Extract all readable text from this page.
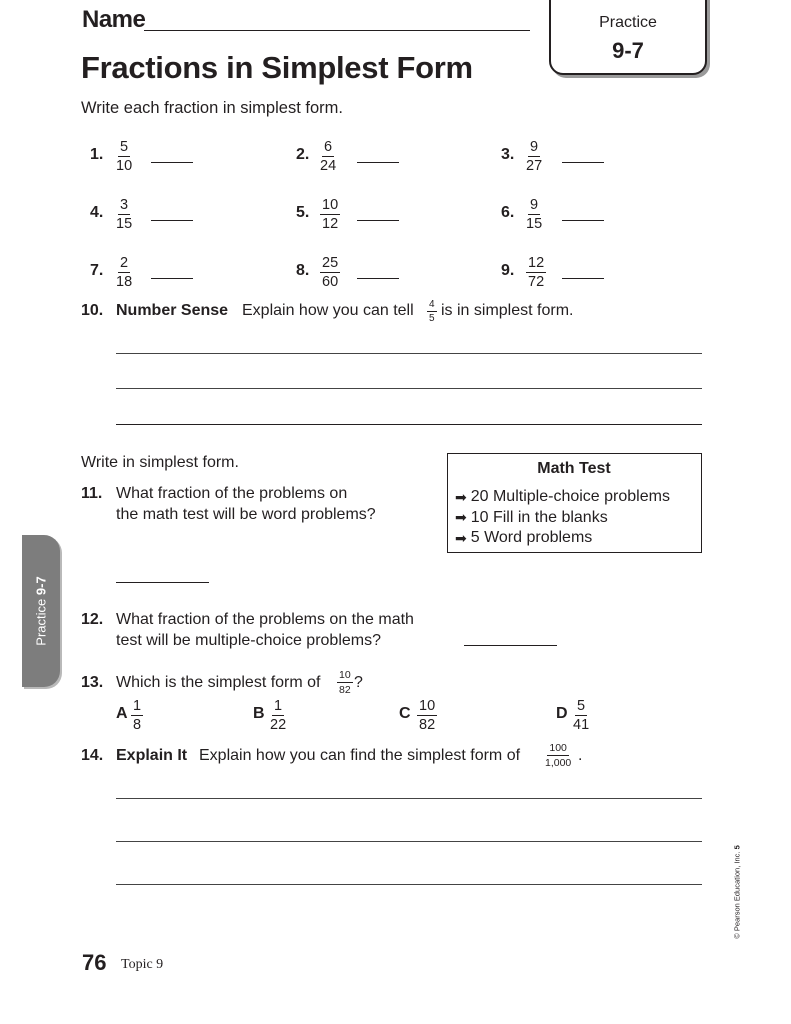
Name	Practice
9-7
Fractions in Simplest Form
Write each fraction in simplest form.
1. $\frac{5}{10}$	2. $\frac{6}{24}$	3. $\frac{9}{27}$
4. $\frac{3}{15}$	5. $\frac{10}{12}$	6. $\frac{9}{15}$
7. $\frac{2}{18}$	8. $\frac{25}{60}$	9. $\frac{12}{72}$
10. Number Sense Explain how you can tell $\frac{4}{5}$ is in simplest form.
Write in simplest form.	Math Test
➡ 20 Multiple-choice problems
➡ 10 Fill in the blanks
➡ 5 Word problems
11. What fraction of the problems on
the math test will be word problems?
12. What fraction of the problems on the math
test will be multiple-choice problems?
13. Which is the simplest form of $\frac{10}{82}$ ?
A $\frac{1}{8}$	B $\frac{1}{22}$	C $\frac{10}{82}$	D $\frac{5}{41}$
14. Explain It Explain how you can find the simplest form of $\frac{100}{1,000}$ .
Practice 9-7
76 Topic 9
© Pearson Education, Inc. 5
